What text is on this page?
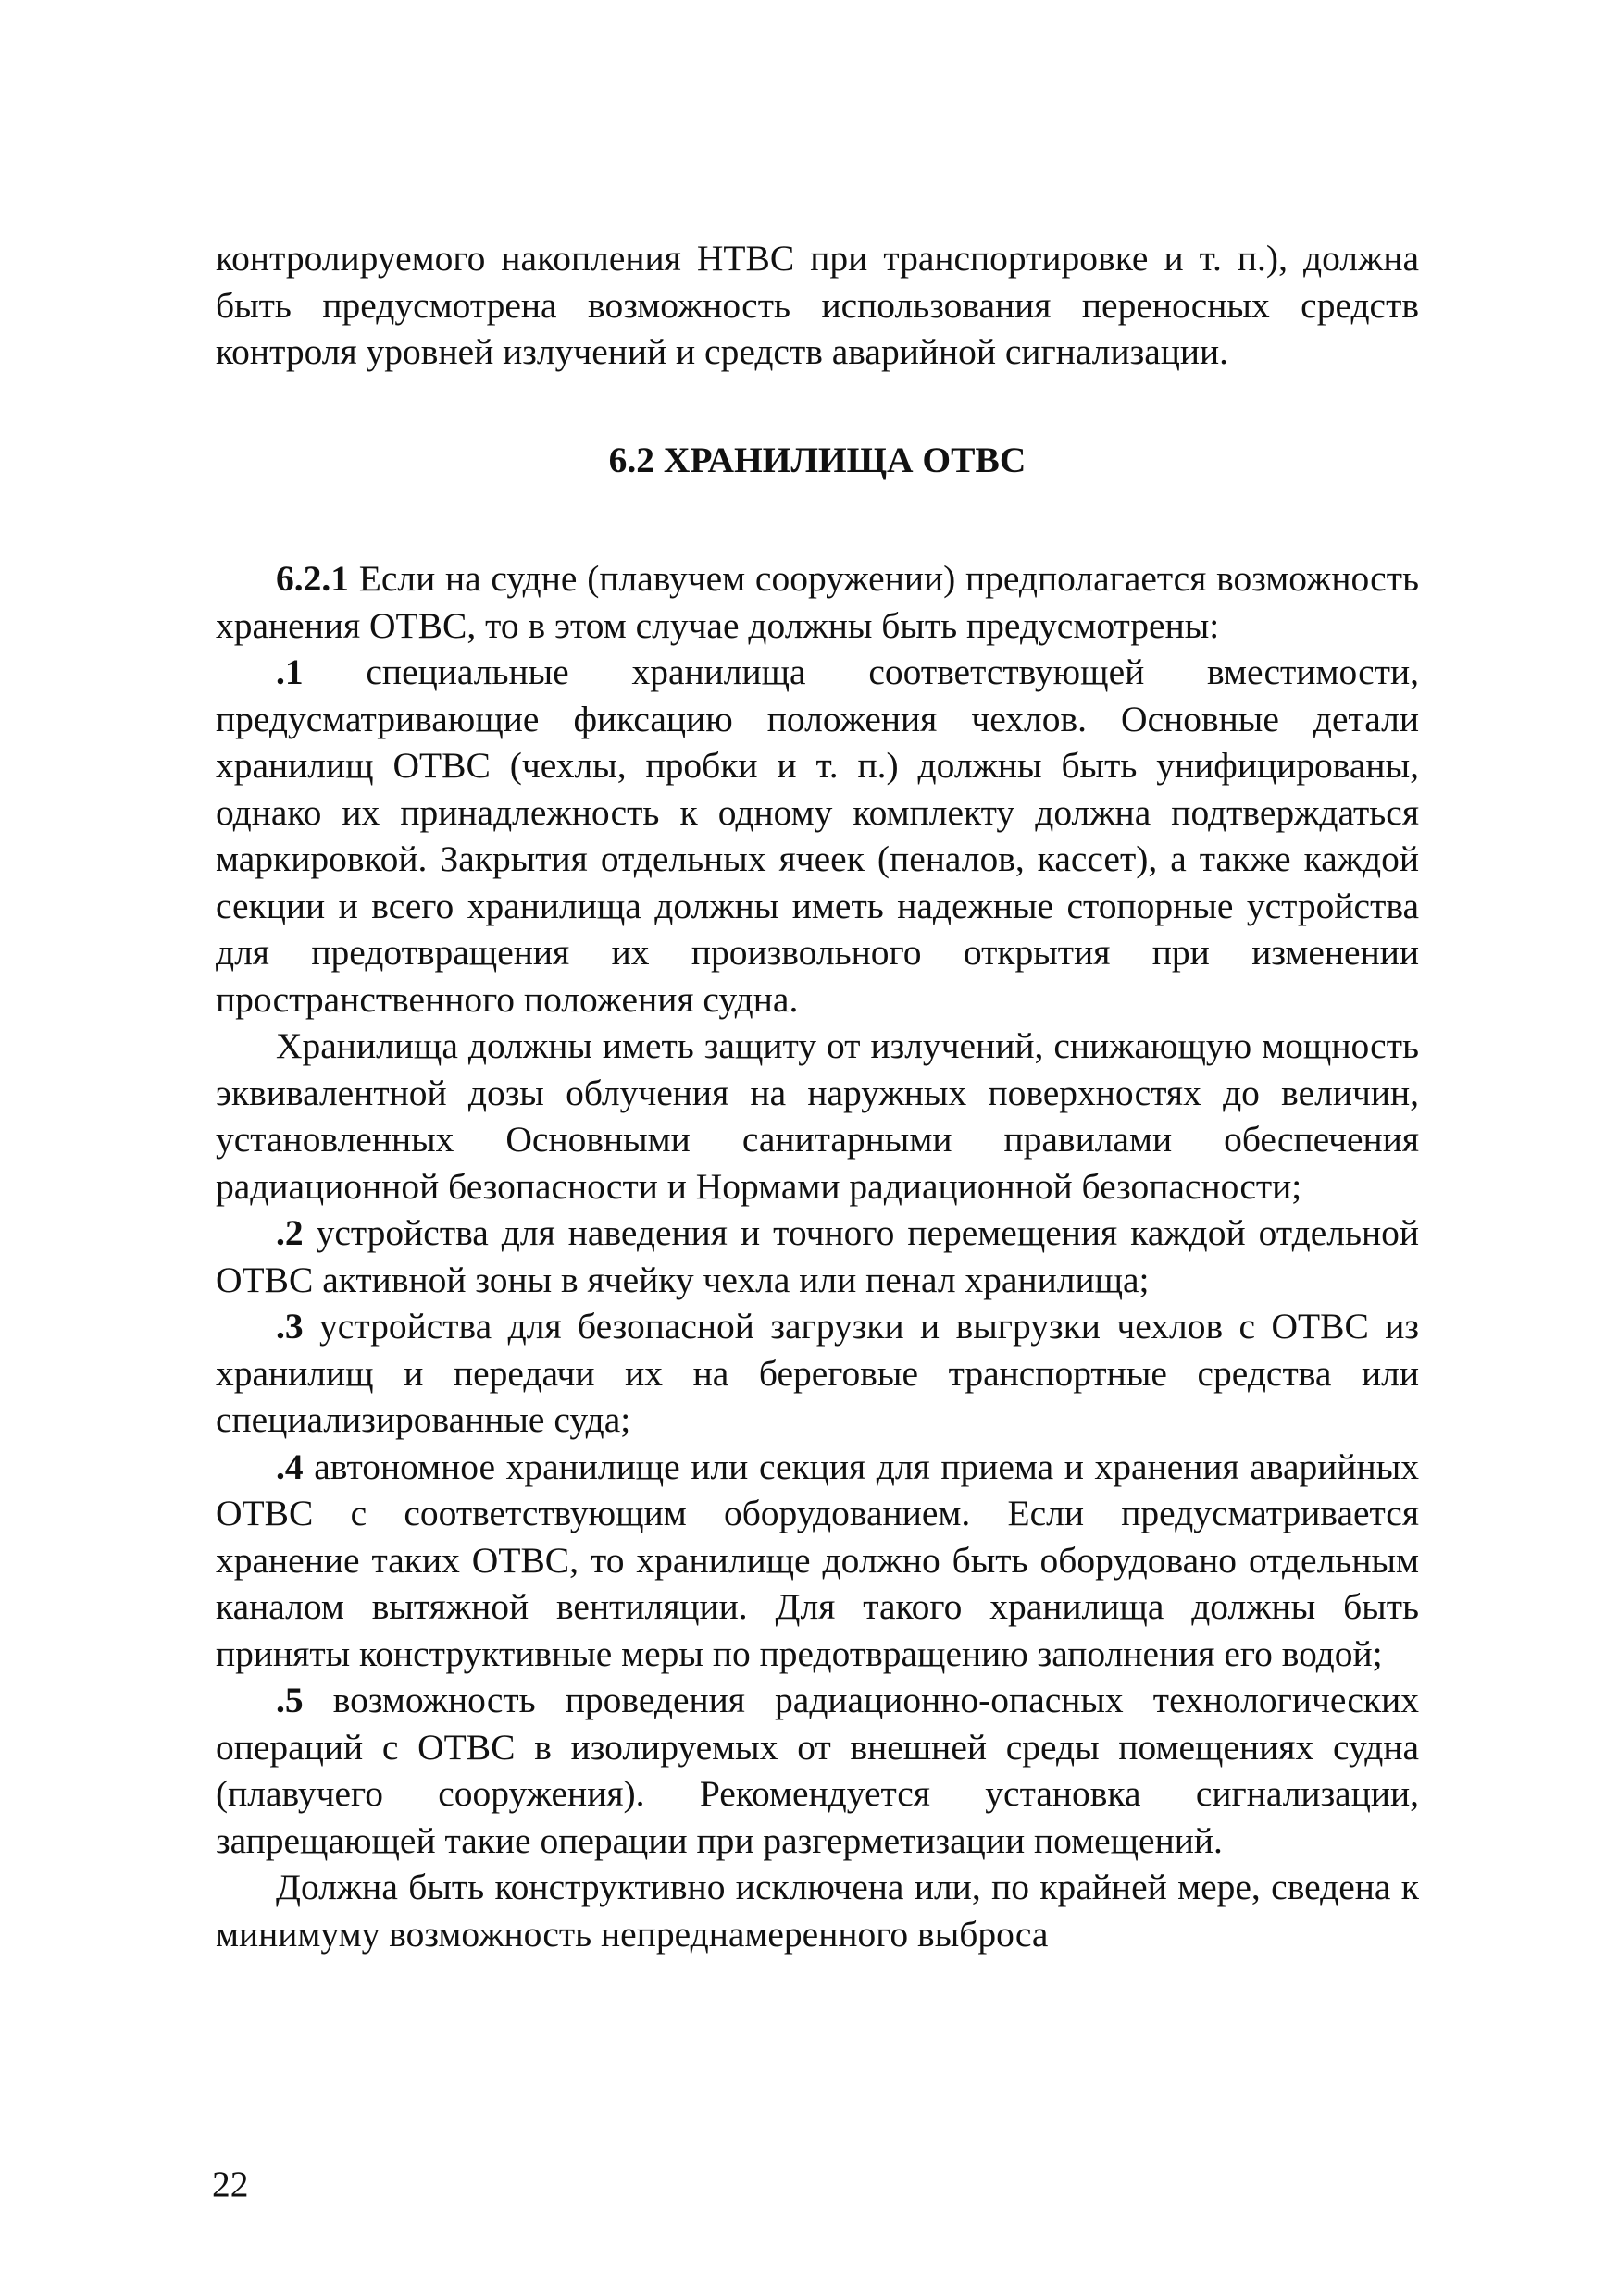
контролируемого накопления НТВС при транспортировке и т. п.), должна быть предусмотрена возможность использования переносных средств контроля уровней излучений и средств аварийной сигнализации.

6.2 ХРАНИЛИЩА ОТВС

6.2.1 Если на судне (плавучем сооружении) предполагается возможность хранения ОТВС, то в этом случае должны быть предусмотрены:

.1 специальные хранилища соответствующей вместимости, предусматривающие фиксацию положения чехлов. Основные детали хранилищ ОТВС (чехлы, пробки и т. п.) должны быть унифицированы, однако их принадлежность к одному комплекту должна подтверждаться маркировкой. Закрытия отдельных ячеек (пеналов, кассет), а также каждой секции и всего хранилища должны иметь надежные стопорные устройства для предотвращения их произвольного открытия при изменении пространственного положения судна.

Хранилища должны иметь защиту от излучений, снижающую мощность эквивалентной дозы облучения на наружных поверхностях до величин, установленных Основными санитарными правилами обеспечения радиационной безопасности и Нормами радиационной безопасности;

.2 устройства для наведения и точного перемещения каждой отдельной ОТВС активной зоны в ячейку чехла или пенал хранилища;

.3 устройства для безопасной загрузки и выгрузки чехлов с ОТВС из хранилищ и передачи их на береговые транспортные средства или специализированные суда;

.4 автономное хранилище или секция для приема и хранения аварийных ОТВС с соответствующим оборудованием. Если предусматривается хранение таких ОТВС, то хранилище должно быть оборудовано отдельным каналом вытяжной вентиляции. Для такого хранилища должны быть приняты конструктивные меры по предотвращению заполнения его водой;

.5 возможность проведения радиационно-опасных технологических операций с ОТВС в изолируемых от внешней среды помещениях судна (плавучего сооружения). Рекомендуется установка сигнализации, запрещающей такие операции при разгерметизации помещений.

Должна быть конструктивно исключена или, по крайней мере, сведена к минимуму возможность непреднамеренного выброса

22
